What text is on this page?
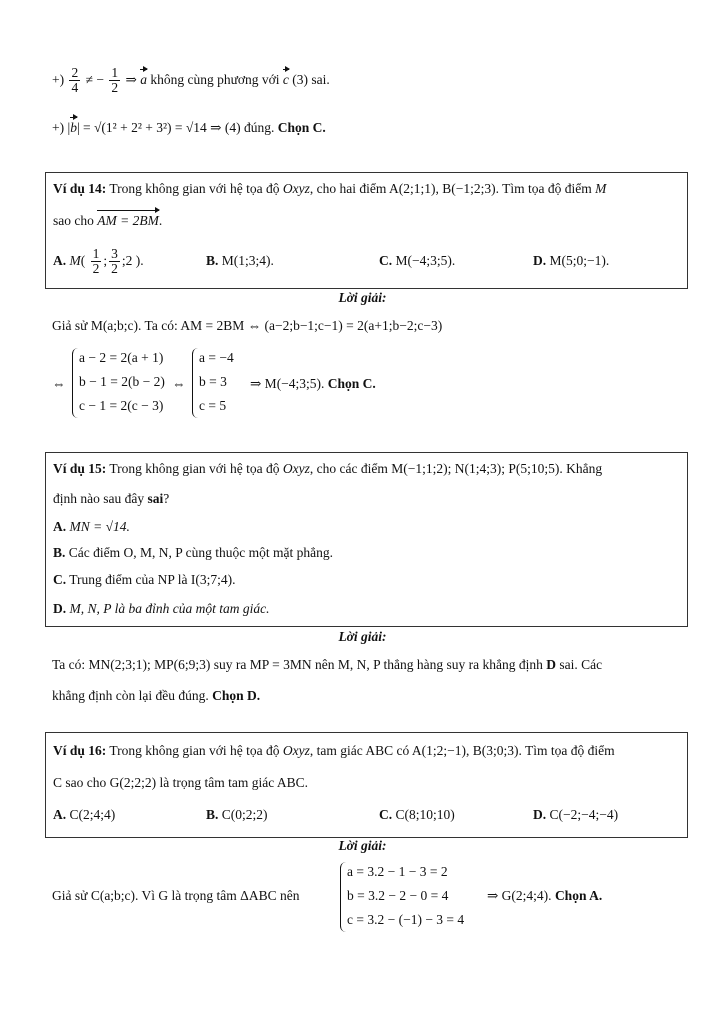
+) $\frac{2}{4}$ ≠ − $\frac{1}{2}$ ⇒ a không cùng phương với c (3) sai.
+) |b| = √(1² + 2² + 3²) = √14 ⇒ (4) đúng. Chọn C.
Ví dụ 14: Trong không gian với hệ tọa độ Oxyz, cho hai điểm A(2;1;1), B(−1;2;3). Tìm tọa độ điểm M
sao cho AM = 2BM.
A. $M( \frac{1}{2}$ ; $\frac{3}{2}$ ;2 ).	B. M(1;3;4).	C. M(−4;3;5).	D. M(5;0;−1).
Lời giải:
Giả sử M(a;b;c). Ta có: AM = 2BM ⇔ (a−2;b−1;c−1) = 2(a+1;b−2;c−3)
⇔
a − 2 = 2(a + 1)
b − 1 = 2(b − 2)
c − 1 = 2(c − 3)
⇔
a = −4
b = 3
c = 5
⇒ M(−4;3;5). Chọn C.
Ví dụ 15: Trong không gian với hệ tọa độ Oxyz, cho các điểm M(−1;1;2); N(1;4;3); P(5;10;5). Khẳng
định nào sau đây sai?
A. MN = √14.
B. Các điểm O, M, N, P cùng thuộc một mặt phẳng.
C. Trung điểm của NP là I(3;7;4).
D. M, N, P là ba đỉnh của một tam giác.
Lời giải:
Ta có: MN(2;3;1); MP(6;9;3) suy ra MP = 3MN nên M, N, P thẳng hàng suy ra khẳng định D sai. Các
khẳng định còn lại đều đúng. Chọn D.
Ví dụ 16: Trong không gian với hệ tọa độ Oxyz, tam giác ABC có A(1;2;−1), B(3;0;3). Tìm tọa độ điểm
C sao cho G(2;2;2) là trọng tâm tam giác ABC.
A. C(2;4;4)	B. C(0;2;2)	C. C(8;10;10)	D. C(−2;−4;−4)
Lời giải:
Giả sử C(a;b;c). Vì G là trọng tâm ΔABC nên
a = 3.2 − 1 − 3 = 2
b = 3.2 − 2 − 0 = 4
c = 3.2 − (−1) − 3 = 4
⇒ G(2;4;4). Chọn A.
